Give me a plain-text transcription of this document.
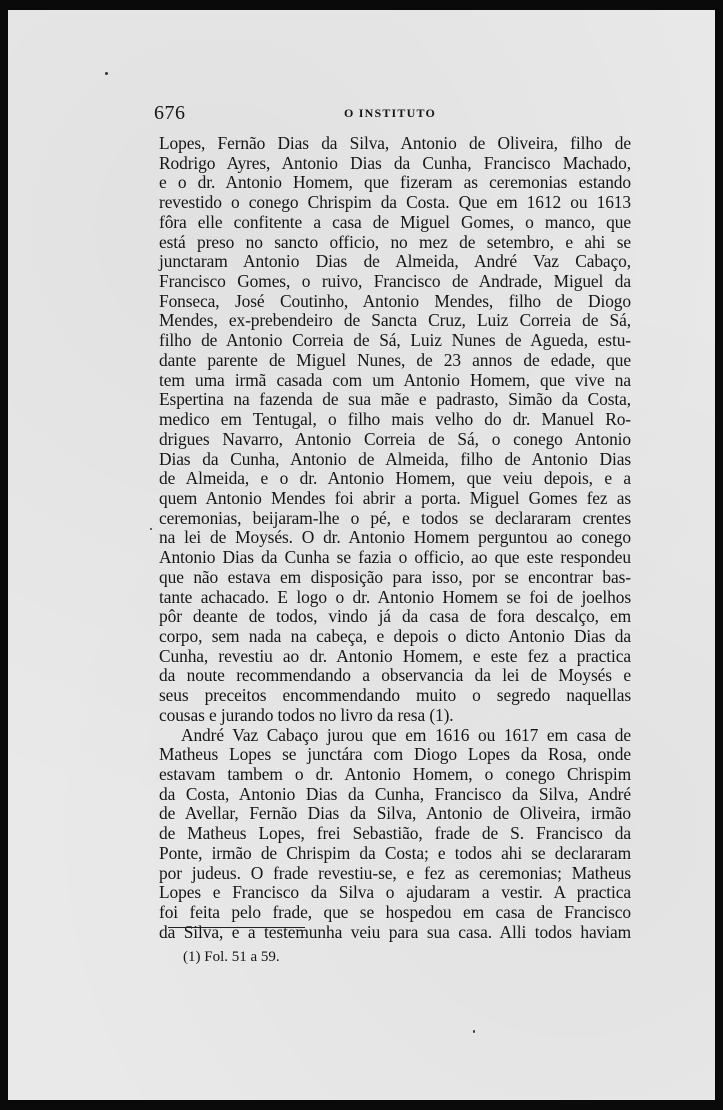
676	O INSTITUTO
Lopes, Fernão Dias da Silva, Antonio de Oliveira, filho de
Rodrigo Ayres, Antonio Dias da Cunha, Francisco Machado,
e o dr. Antonio Homem, que fizeram as ceremonias estando
revestido o conego Chrispim da Costa. Que em 1612 ou 1613
fôra elle confitente a casa de Miguel Gomes, o manco, que
está preso no sancto officio, no mez de setembro, e ahi se
junctaram Antonio Dias de Almeida, André Vaz Cabaço,
Francisco Gomes, o ruivo, Francisco de Andrade, Miguel da
Fonseca, José Coutinho, Antonio Mendes, filho de Diogo
Mendes, ex-prebendeiro de Sancta Cruz, Luiz Correia de Sá,
filho de Antonio Correia de Sá, Luiz Nunes de Agueda, estu-
dante parente de Miguel Nunes, de 23 annos de edade, que
tem uma irmã casada com um Antonio Homem, que vive na
Espertina na fazenda de sua mãe e padrasto, Simão da Costa,
medico em Tentugal, o filho mais velho do dr. Manuel Ro-
drigues Navarro, Antonio Correia de Sá, o conego Antonio
Dias da Cunha, Antonio de Almeida, filho de Antonio Dias
de Almeida, e o dr. Antonio Homem, que veiu depois, e a
quem Antonio Mendes foi abrir a porta. Miguel Gomes fez as
ceremonias, beijaram-lhe o pé, e todos se declararam crentes
na lei de Moysés. O dr. Antonio Homem perguntou ao conego
Antonio Dias da Cunha se fazia o officio, ao que este respondeu
que não estava em disposição para isso, por se encontrar bas-
tante achacado. E logo o dr. Antonio Homem se foi de joelhos
pôr deante de todos, vindo já da casa de fora descalço, em
corpo, sem nada na cabeça, e depois o dicto Antonio Dias da
Cunha, revestiu ao dr. Antonio Homem, e este fez a practica
da noute recommendando a observancia da lei de Moysés e
seus preceitos encommendando muito o segredo naquellas
cousas e jurando todos no livro da resa (1).
André Vaz Cabaço jurou que em 1616 ou 1617 em casa de
Matheus Lopes se junctára com Diogo Lopes da Rosa, onde
estavam tambem o dr. Antonio Homem, o conego Chrispim
da Costa, Antonio Dias da Cunha, Francisco da Silva, André
de Avellar, Fernão Dias da Silva, Antonio de Oliveira, irmão
de Matheus Lopes, frei Sebastião, frade de S. Francisco da
Ponte, irmão de Chrispim da Costa; e todos ahi se declararam
por judeus. O frade revestiu-se, e fez as ceremonias; Matheus
Lopes e Francisco da Silva o ajudaram a vestir. A practica
foi feita pelo frade, que se hospedou em casa de Francisco
da Silva, e a testemunha veiu para sua casa. Alli todos haviam
(1) Fol. 51 a 59.
